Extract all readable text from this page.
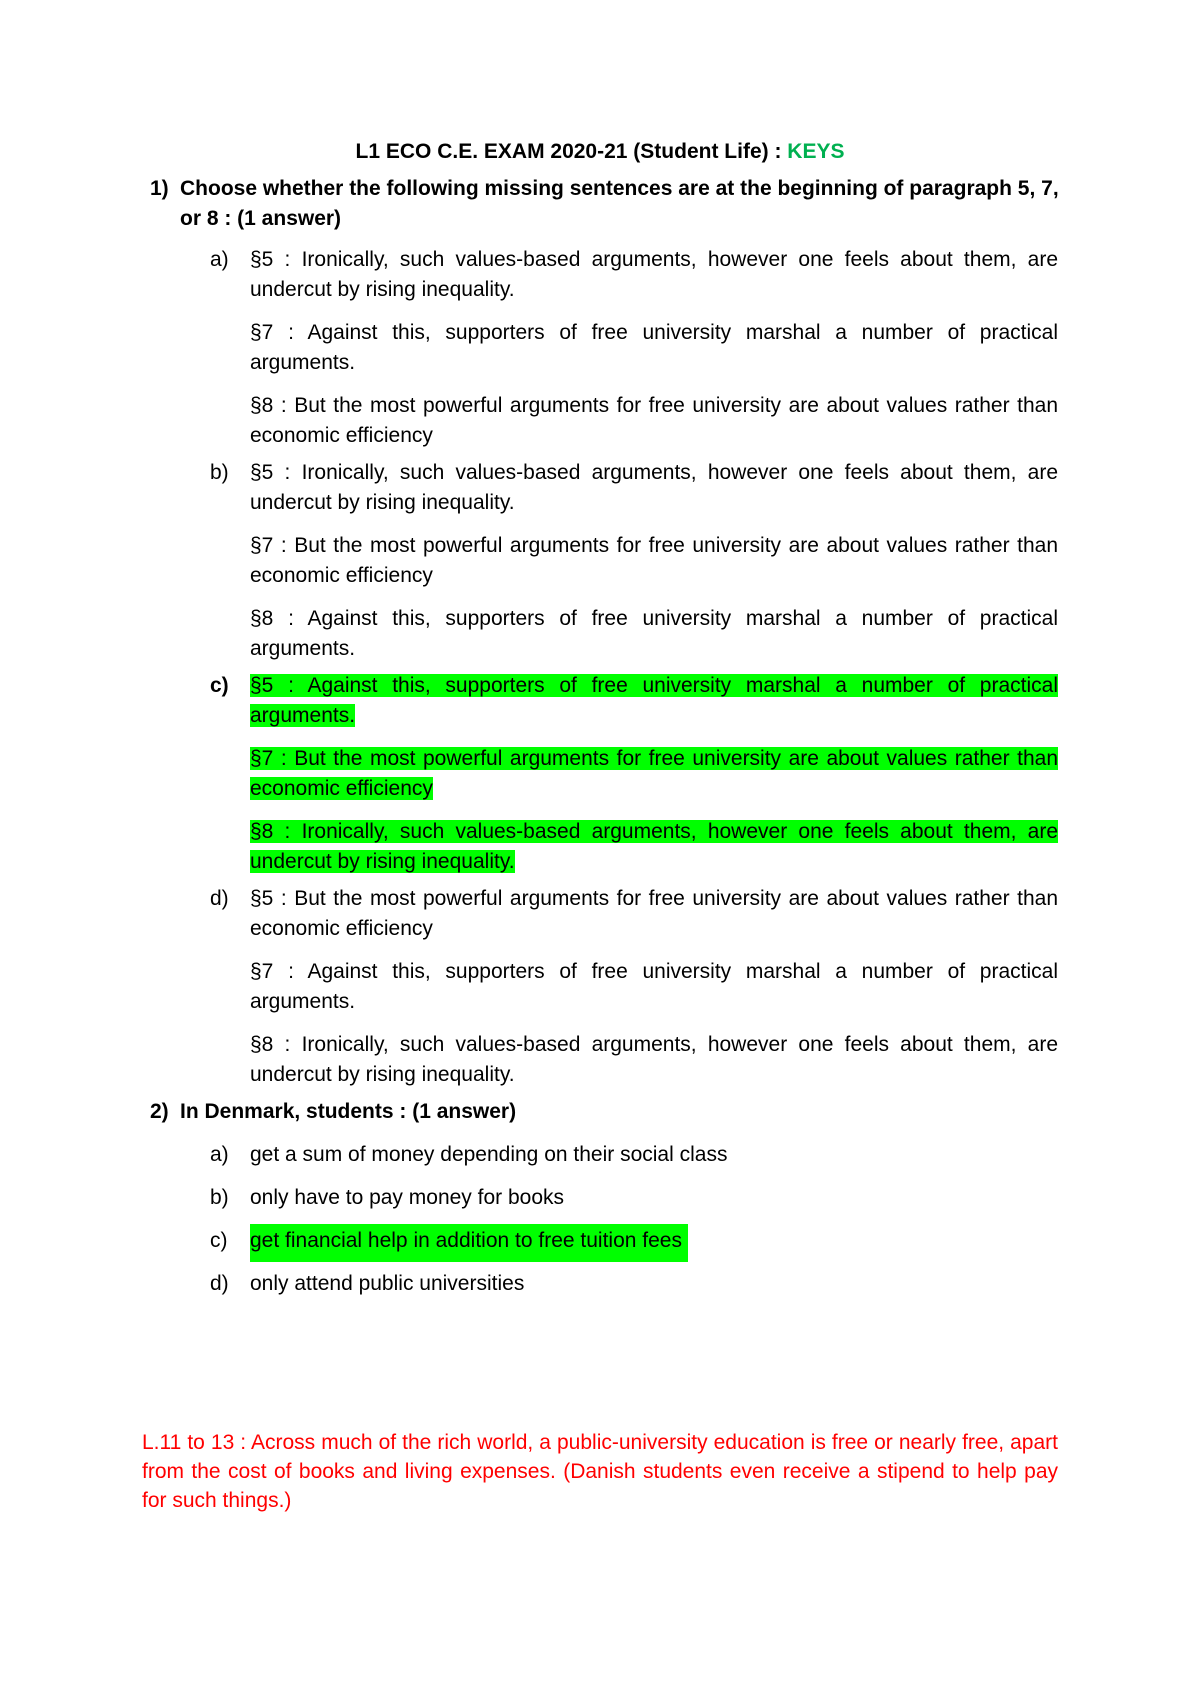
L1 ECO C.E. EXAM 2020-21 (Student Life) : KEYS
1) Choose whether the following missing sentences are at the beginning of paragraph 5, 7, or 8 : (1 answer)
a) §5 : Ironically, such values-based arguments, however one feels about them, are undercut by rising inequality.
§7 : Against this, supporters of free university marshal a number of practical arguments.
§8 : But the most powerful arguments for free university are about values rather than economic efficiency
b) §5 : Ironically, such values-based arguments, however one feels about them, are undercut by rising inequality.
§7 : But the most powerful arguments for free university are about values rather than economic efficiency
§8 : Against this, supporters of free university marshal a number of practical arguments.
c) §5 : Against this, supporters of free university marshal a number of practical arguments.
§7 : But the most powerful arguments for free university are about values rather than economic efficiency
§8 : Ironically, such values-based arguments, however one feels about them, are undercut by rising inequality.
d) §5 : But the most powerful arguments for free university are about values rather than economic efficiency
§7 : Against this, supporters of free university marshal a number of practical arguments.
§8 : Ironically, such values-based arguments, however one feels about them, are undercut by rising inequality.
2) In Denmark, students : (1 answer)
a) get a sum of money depending on their social class
b) only have to pay money for books
c) get financial help in addition to free tuition fees
d) only attend public universities
L.11 to 13 : Across much of the rich world, a public-university education is free or nearly free, apart from the cost of books and living expenses. (Danish students even receive a stipend to help pay for such things.)
